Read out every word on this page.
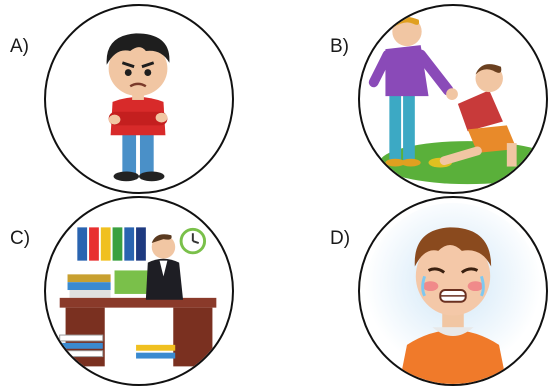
A)	B)
C)	D)
